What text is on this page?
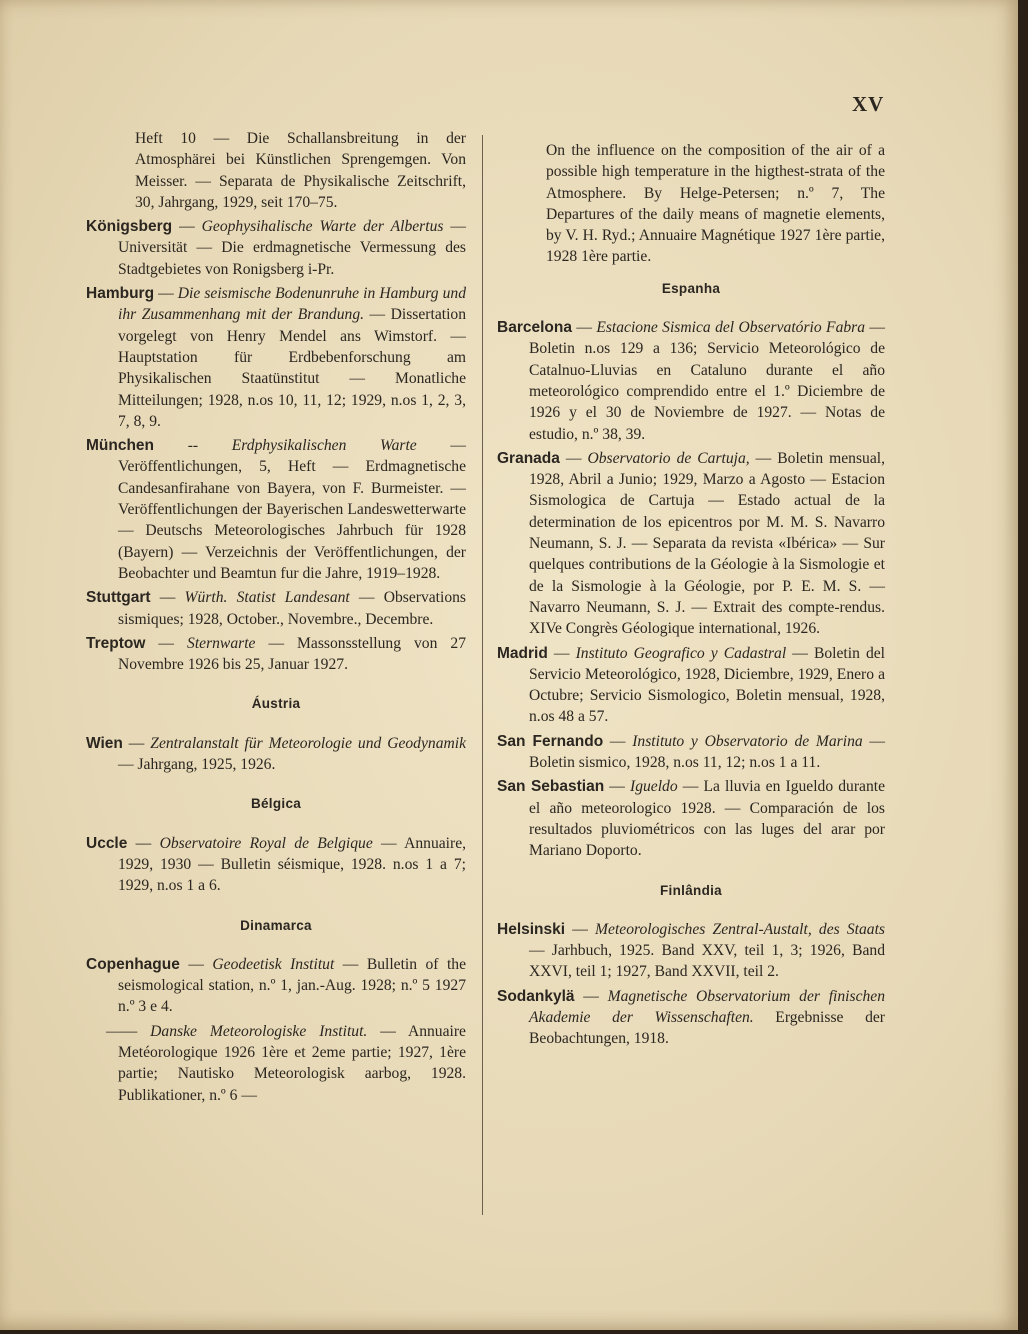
XV

Heft 10 — Die Schallansbreitung in der Atmosphärei bei Künstlichen Sprengemgen. Von Meisser. — Separata de Physikalische Zeitschrift, 30, Jahrgang, 1929, seit 170–75.

Königsberg — Geophysihalische Warte der Albertus — Universität — Die erdmagnetische Vermessung des Stadtgebietes von Ronigsberg i-Pr.

Hamburg — Die seismische Bodenunruhe in Hamburg und ihr Zusammenhang mit der Brandung. — Dissertation vorgelegt von Henry Mendel ans Wimstorf. — Hauptstation für Erdbebenforschung am Physikalischen Staatünstitut — Monatliche Mitteilungen; 1928, n.os 10, 11, 12; 1929, n.os 1, 2, 3, 7, 8, 9.

München -- Erdphysikalischen Warte — Veröffentlichungen, 5, Heft — Erdmagnetische Candesanfirahane von Bayera, von F. Burmeister. — Veröffentlichungen der Bayerischen Landeswetterwarte — Deutschs Meteorologisches Jahrbuch für 1928 (Bayern) — Verzeichnis der Veröffentlichungen, der Beobachter und Beamtun fur die Jahre, 1919–1928.

Stuttgart — Würth. Statist Landesant — Observations sismiques; 1928, October., Novembre., Decembre.

Treptow — Sternwarte — Massonsstellung von 27 Novembre 1926 bis 25, Januar 1927.

Áustria

Wien — Zentralanstalt für Meteorologie und Geodynamik — Jahrgang, 1925, 1926.

Bélgica

Uccle — Observatoire Royal de Belgique — Annuaire, 1929, 1930 — Bulletin séismique, 1928. n.os 1 a 7; 1929, n.os 1 a 6.

Dinamarca

Copenhague — Geodeetisk Institut — Bulletin of the seismological station, n.º 1, jan.-Aug. 1928; n.º 5 1927 n.º 3 e 4.

—— Danske Meteorologiske Institut. — Annuaire Metéorologique 1926 1ère et 2eme partie; 1927, 1ère partie; Nautisko Meteorologisk aarbog, 1928. Publikationer, n.º 6 —

On the influence on the composition of the air of a possible high temperature in the higthest-strata of the Atmosphere. By Helge-Petersen; n.º 7, The Departures of the daily means of magnetie elements, by V. H. Ryd.; Annuaire Magnétique 1927 1ère partie, 1928 1ère partie.

Espanha

Barcelona — Estacione Sismica del Observatório Fabra — Boletin n.os 129 a 136; Servicio Meteorológico de Catalnuo-Lluvias en Cataluno durante el año meteorológico comprendido entre el 1.º Diciembre de 1926 y el 30 de Noviembre de 1927. — Notas de estudio, n.º 38, 39.

Granada — Observatorio de Cartuja, — Boletin mensual, 1928, Abril a Junio; 1929, Marzo a Agosto — Estacion Sismologica de Cartuja — Estado actual de la determination de los epicentros por M. M. S. Navarro Neumann, S. J. — Separata da revista «Ibérica» — Sur quelques contributions de la Géologie à la Sismologie et de la Sismologie à la Géologie, por P. E. M. S. — Navarro Neumann, S. J. — Extrait des compte-rendus. XIVe Congrès Géologique international, 1926.

Madrid — Instituto Geografico y Cadastral — Boletin del Servicio Meteorológico, 1928, Diciembre, 1929, Enero a Octubre; Servicio Sismologico, Boletin mensual, 1928, n.os 48 a 57.

San Fernando — Instituto y Observatorio de Marina — Boletin sismico, 1928, n.os 11, 12; n.os 1 a 11.

San Sebastian — Igueldo — La lluvia en Igueldo durante el año meteorologico 1928. — Comparación de los resultados pluviométricos con las luges del arar por Mariano Doporto.

Finlândia

Helsinski — Meteorologisches Zentral-Austalt, des Staats — Jarhbuch, 1925. Band XXV, teil 1, 3; 1926, Band XXVI, teil 1; 1927, Band XXVII, teil 2.

Sodankylä — Magnetische Observatorium der finischen Akademie der Wissenschaften. Ergebnisse der Beobachtungen, 1918.
